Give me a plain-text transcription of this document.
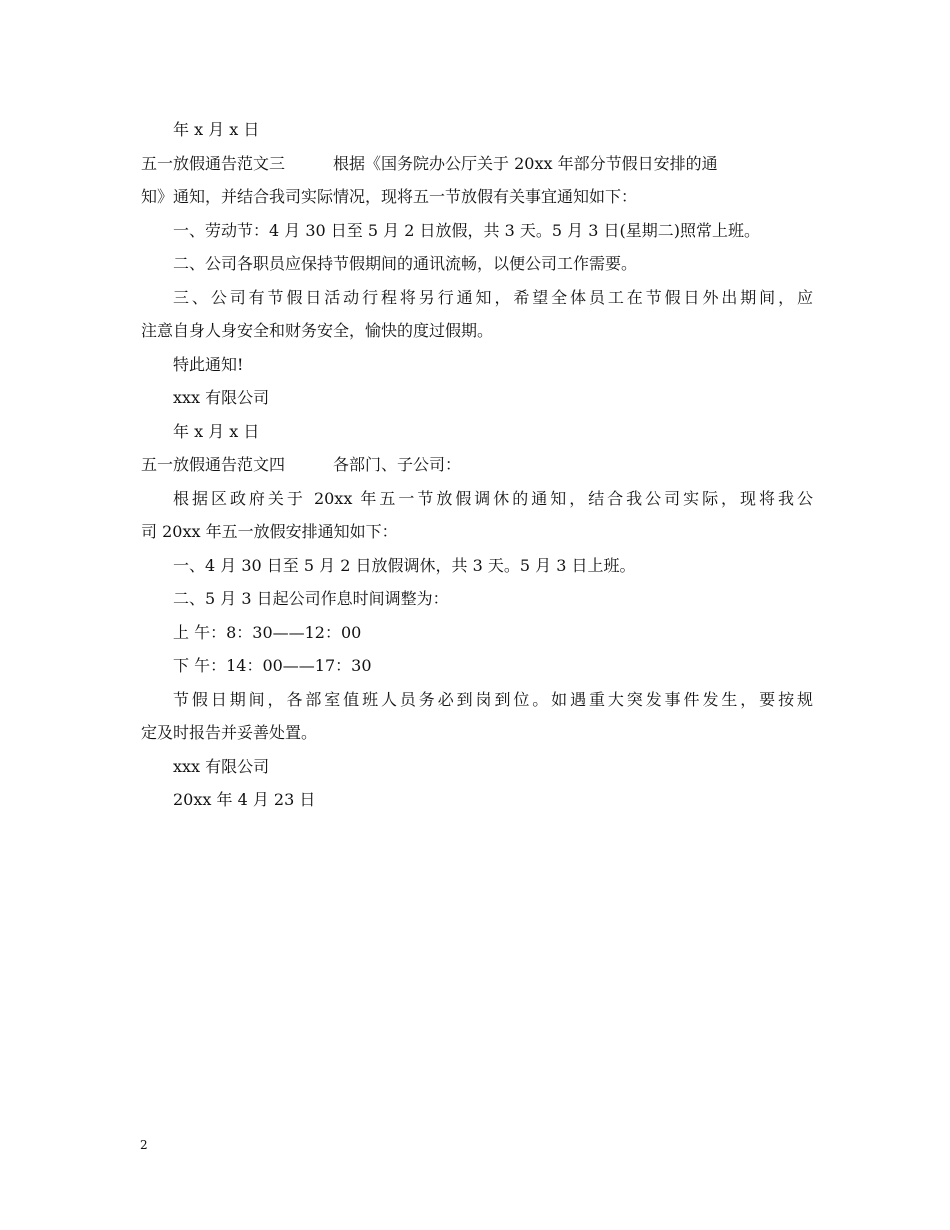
年 x 月 x 日
五一放假通告范文三	根据《国务院办公厅关于 20xx 年部分节假日安排的通
知》通知，并结合我司实际情况，现将五一节放假有关事宜通知如下：
一、劳动节：4 月 30 日至 5 月 2 日放假，共 3 天。5 月 3 日(星期二)照常上班。
二、公司各职员应保持节假期间的通讯流畅，以便公司工作需要。
三、公司有节假日活动行程将另行通知，希望全体员工在节假日外出期间，应
注意自身人身安全和财务安全，愉快的度过假期。
特此通知!
xxx 有限公司
年 x 月 x 日
五一放假通告范文四	各部门、子公司：
根据区政府关于 20xx 年五一节放假调休的通知，结合我公司实际，现将我公
司 20xx 年五一放假安排通知如下：
一、4 月 30 日至 5 月 2 日放假调休，共 3 天。5 月 3 日上班。
二、5 月 3 日起公司作息时间调整为：
上 午：8：30——12：00
下 午：14：00——17：30
节假日期间，各部室值班人员务必到岗到位。如遇重大突发事件发生，要按规
定及时报告并妥善处置。
xxx 有限公司
20xx 年 4 月 23 日
2
